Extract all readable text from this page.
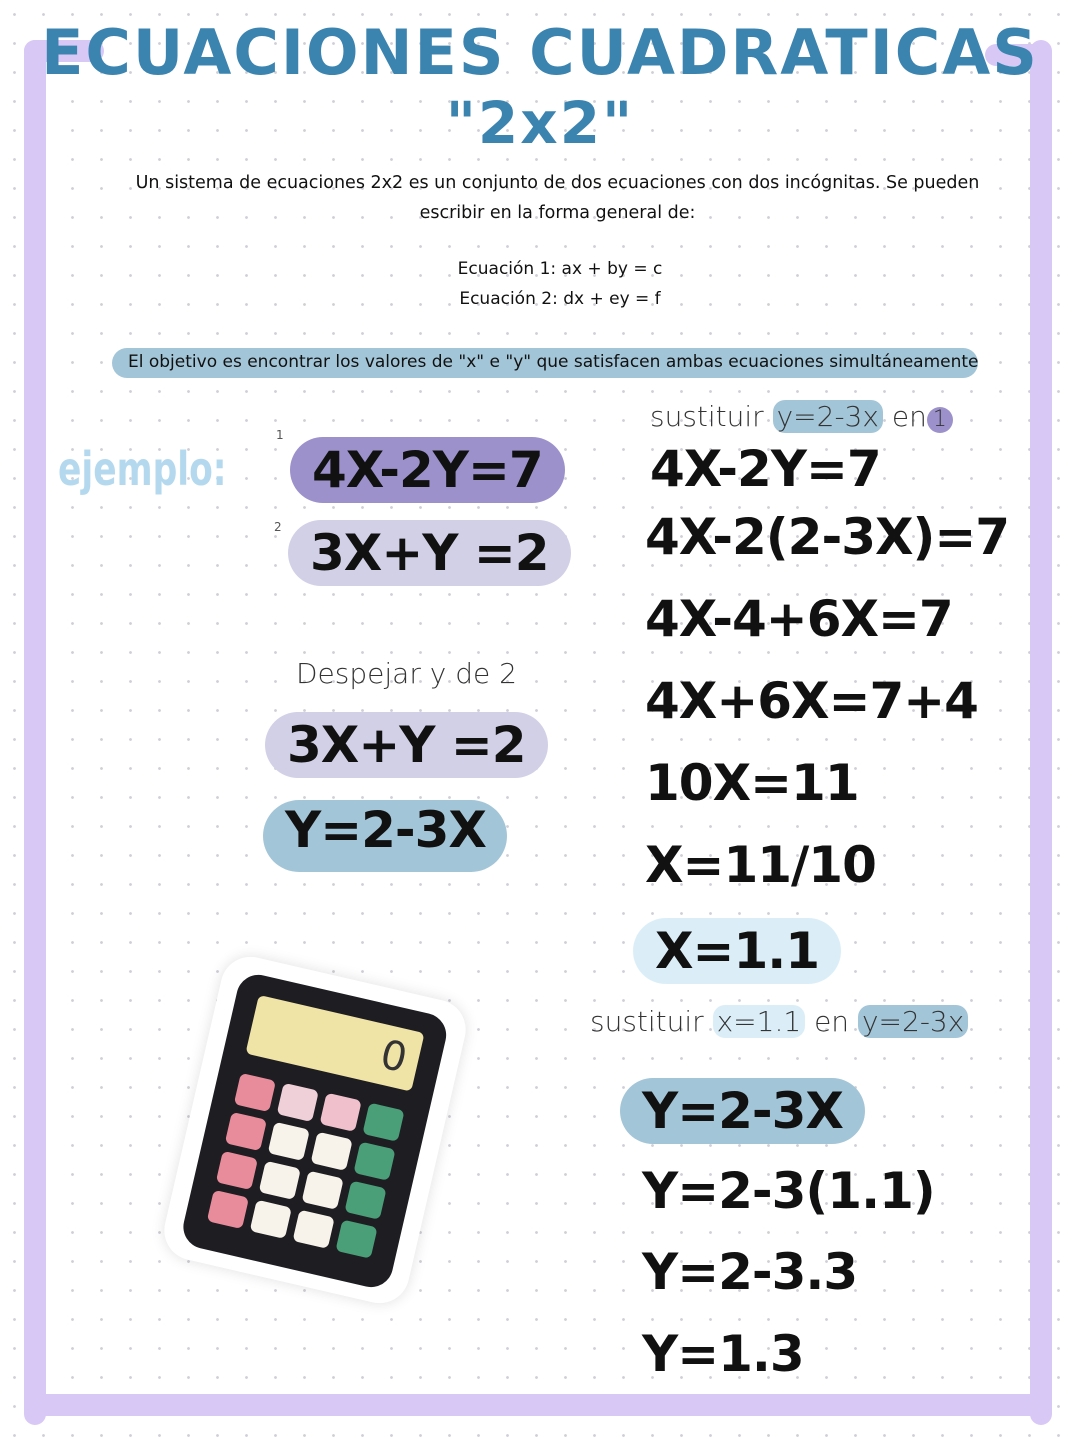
ECUACIONES CUADRATICAS
"2x2"
Un sistema de ecuaciones 2x2 es un conjunto de dos ecuaciones con dos incógnitas. Se pueden escribir en la forma general de:
Ecuación 1: ax + by = c
Ecuación 2: dx + ey = f
El objetivo es encontrar los valores de "x" e "y" que satisfacen ambas ecuaciones simultáneamente
ejemplo:
1
4X-2Y=7
2 3X+Y =2
Despejar y de 2
3X+Y =2
Y=2-3X
sustituir y=2-3x en 1
4X-2Y=7
4X-2(2-3X)=7
4X-4+6X=7
4X+6X=7+4
10X=11
X=11/10
X=1.1
sustituir x=1.1 en y=2-3x
Y=2-3X
Y=2-3(1.1)
Y=2-3.3
Y=1.3
0
